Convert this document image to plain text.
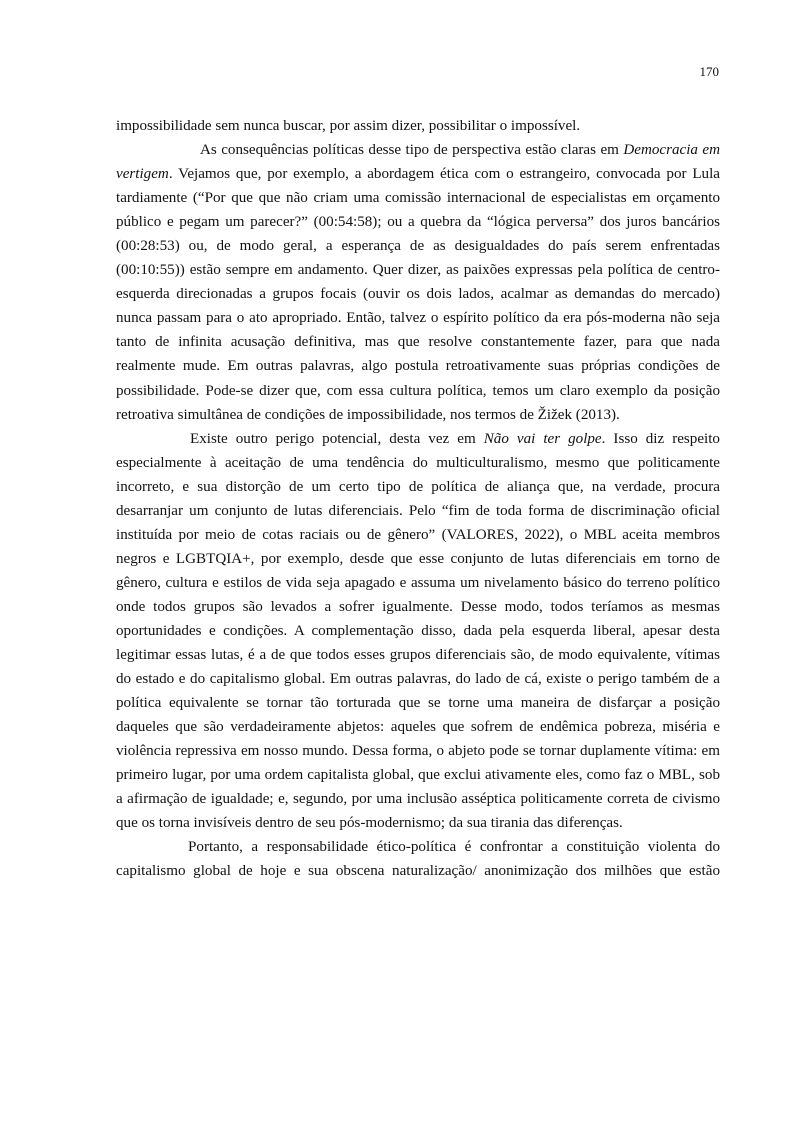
170

impossibilidade sem nunca buscar, por assim dizer, possibilitar o impossível.

As consequências políticas desse tipo de perspectiva estão claras em Democracia em vertigem. Vejamos que, por exemplo, a abordagem ética com o estrangeiro, convocada por Lula tardiamente (“Por que que não criam uma comissão internacional de especialistas em orçamento público e pegam um parecer?” (00:54:58); ou a quebra da “lógica perversa” dos juros bancários (00:28:53) ou, de modo geral, a esperança de as desigualdades do país serem enfrentadas (00:10:55)) estão sempre em andamento. Quer dizer, as paixões expressas pela política de centro-esquerda direcionadas a grupos focais (ouvir os dois lados, acalmar as demandas do mercado) nunca passam para o ato apropriado. Então, talvez o espírito político da era pós-moderna não seja tanto de infinita acusação definitiva, mas que resolve constantemente fazer, para que nada realmente mude. Em outras palavras, algo postula retroativamente suas próprias condições de possibilidade. Pode-se dizer que, com essa cultura política, temos um claro exemplo da posição retroativa simultânea de condições de impossibilidade, nos termos de Žižek (2013).

Existe outro perigo potencial, desta vez em Não vai ter golpe. Isso diz respeito especialmente à aceitação de uma tendência do multiculturalismo, mesmo que politicamente incorreto, e sua distorção de um certo tipo de política de aliança que, na verdade, procura desarranjar um conjunto de lutas diferenciais. Pelo “fim de toda forma de discriminação oficial instituída por meio de cotas raciais ou de gênero” (VALORES, 2022), o MBL aceita membros negros e LGBTQIA+, por exemplo, desde que esse conjunto de lutas diferenciais em torno de gênero, cultura e estilos de vida seja apagado e assuma um nivelamento básico do terreno político onde todos grupos são levados a sofrer igualmente. Desse modo, todos teríamos as mesmas oportunidades e condições. A complementação disso, dada pela esquerda liberal, apesar desta legitimar essas lutas, é a de que todos esses grupos diferenciais são, de modo equivalente, vítimas do estado e do capitalismo global. Em outras palavras, do lado de cá, existe o perigo também de a política equivalente se tornar tão torturada que se torne uma maneira de disfarçar a posição daqueles que são verdadeiramente abjetos: aqueles que sofrem de endêmica pobreza, miséria e violência repressiva em nosso mundo. Dessa forma, o abjeto pode se tornar duplamente vítima: em primeiro lugar, por uma ordem capitalista global, que exclui ativamente eles, como faz o MBL, sob a afirmação de igualdade; e, segundo, por uma inclusão asséptica politicamente correta de civismo que os torna invisíveis dentro de seu pós-modernismo; da sua tirania das diferenças.

Portanto, a responsabilidade ético-política é confrontar a constituição violenta do capitalismo global de hoje e sua obscena naturalização/ anonimização dos milhões que estão
